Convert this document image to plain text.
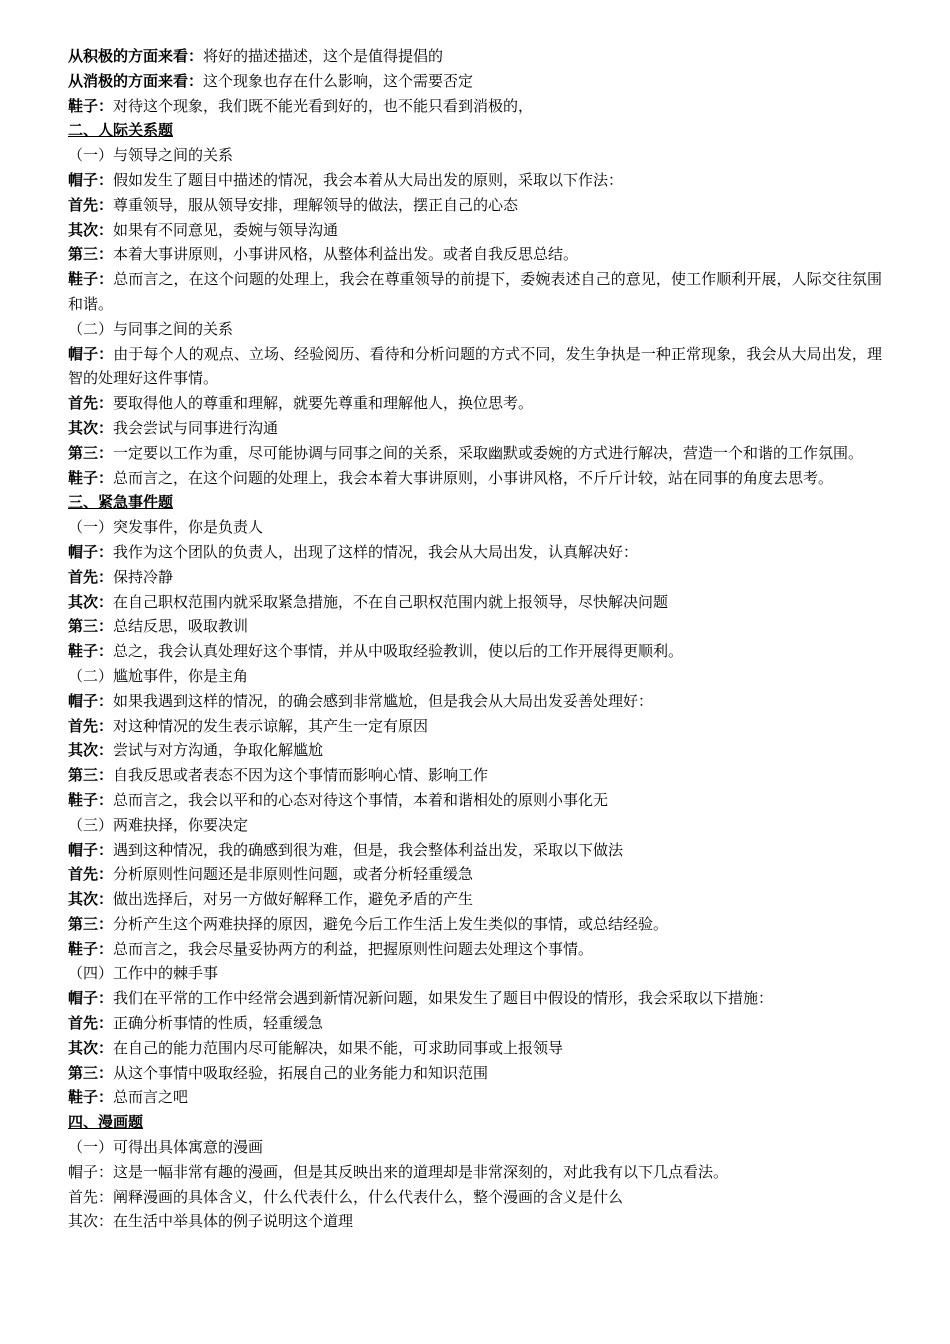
从积极的方面来看：将好的描述描述，这个是值得提倡的

从消极的方面来看：这个现象也存在什么影响，这个需要否定

鞋子：对待这个现象，我们既不能光看到好的，也不能只看到消极的，

二、人际关系题

（一）与领导之间的关系

帽子：假如发生了题目中描述的情况，我会本着从大局出发的原则，采取以下作法：

首先：尊重领导，服从领导安排，理解领导的做法，摆正自己的心态

其次：如果有不同意见，委婉与领导沟通

第三：本着大事讲原则，小事讲风格，从整体利益出发。或者自我反思总结。

鞋子：总而言之，在这个问题的处理上，我会在尊重领导的前提下，委婉表述自己的意见，使工作顺利开展，人际交往氛围和谐。

（二）与同事之间的关系

帽子：由于每个人的观点、立场、经验阅历、看待和分析问题的方式不同，发生争执是一种正常现象，我会从大局出发，理智的处理好这件事情。

首先：要取得他人的尊重和理解，就要先尊重和理解他人，换位思考。

其次：我会尝试与同事进行沟通

第三：一定要以工作为重，尽可能协调与同事之间的关系，采取幽默或委婉的方式进行解决，营造一个和谐的工作氛围。

鞋子：总而言之，在这个问题的处理上，我会本着大事讲原则，小事讲风格，不斤斤计较，站在同事的角度去思考。

三、紧急事件题

（一）突发事件，你是负责人

帽子：我作为这个团队的负责人，出现了这样的情况，我会从大局出发，认真解决好：

首先：保持冷静

其次：在自己职权范围内就采取紧急措施，不在自己职权范围内就上报领导，尽快解决问题

第三：总结反思，吸取教训

鞋子：总之，我会认真处理好这个事情，并从中吸取经验教训，使以后的工作开展得更顺利。

（二）尴尬事件，你是主角

帽子：如果我遇到这样的情况，的确会感到非常尴尬，但是我会从大局出发妥善处理好：

首先：对这种情况的发生表示谅解，其产生一定有原因

其次：尝试与对方沟通，争取化解尴尬

第三：自我反思或者表态不因为这个事情而影响心情、影响工作

鞋子：总而言之，我会以平和的心态对待这个事情，本着和谐相处的原则小事化无

（三）两难抉择，你要决定

帽子：遇到这种情况，我的确感到很为难，但是，我会整体利益出发，采取以下做法

首先：分析原则性问题还是非原则性问题，或者分析轻重缓急

其次：做出选择后，对另一方做好解释工作，避免矛盾的产生

第三：分析产生这个两难抉择的原因，避免今后工作生活上发生类似的事情，或总结经验。

鞋子：总而言之，我会尽量妥协两方的利益，把握原则性问题去处理这个事情。

（四）工作中的棘手事

帽子：我们在平常的工作中经常会遇到新情况新问题，如果发生了题目中假设的情形，我会采取以下措施：

首先：正确分析事情的性质，轻重缓急

其次：在自己的能力范围内尽可能解决，如果不能，可求助同事或上报领导

第三：从这个事情中吸取经验，拓展自己的业务能力和知识范围

鞋子：总而言之吧

四、漫画题

（一）可得出具体寓意的漫画

帽子：这是一幅非常有趣的漫画，但是其反映出来的道理却是非常深刻的，对此我有以下几点看法。

首先：阐释漫画的具体含义，什么代表什么，什么代表什么，整个漫画的含义是什么

其次：在生活中举具体的例子说明这个道理
